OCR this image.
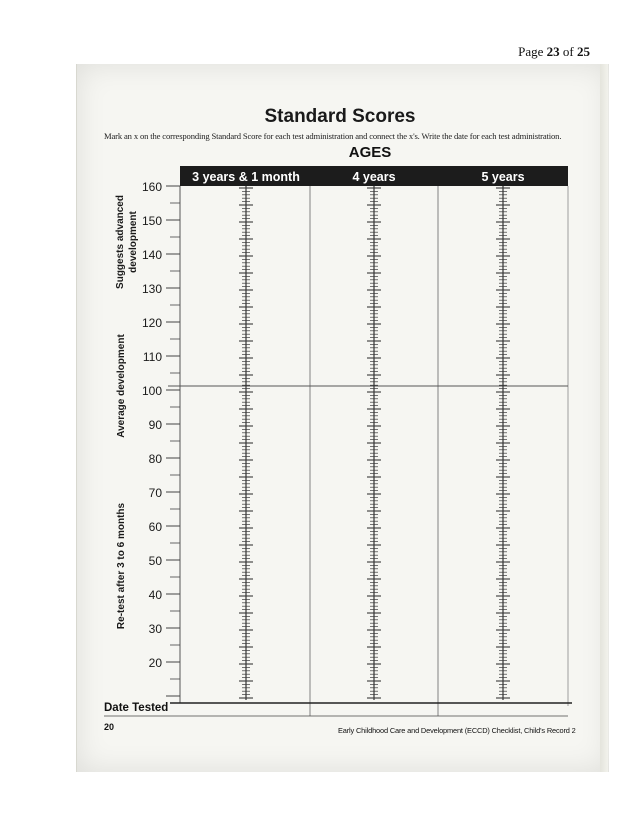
Page 23 of 25
Standard Scores
Mark an x on the corresponding Standard Score for each test administration and connect the x's. Write the date for each test administration.
AGES
3 years & 1 month	4 years	5 years
160
150
140
130
120
110
100
90
80
70
60
50
40
30
20
Suggests advanced development
Average development
Re-test after 3 to 6 months
Date Tested
20	Early Childhood Care and Development (ECCD) Checklist, Child's Record 2
